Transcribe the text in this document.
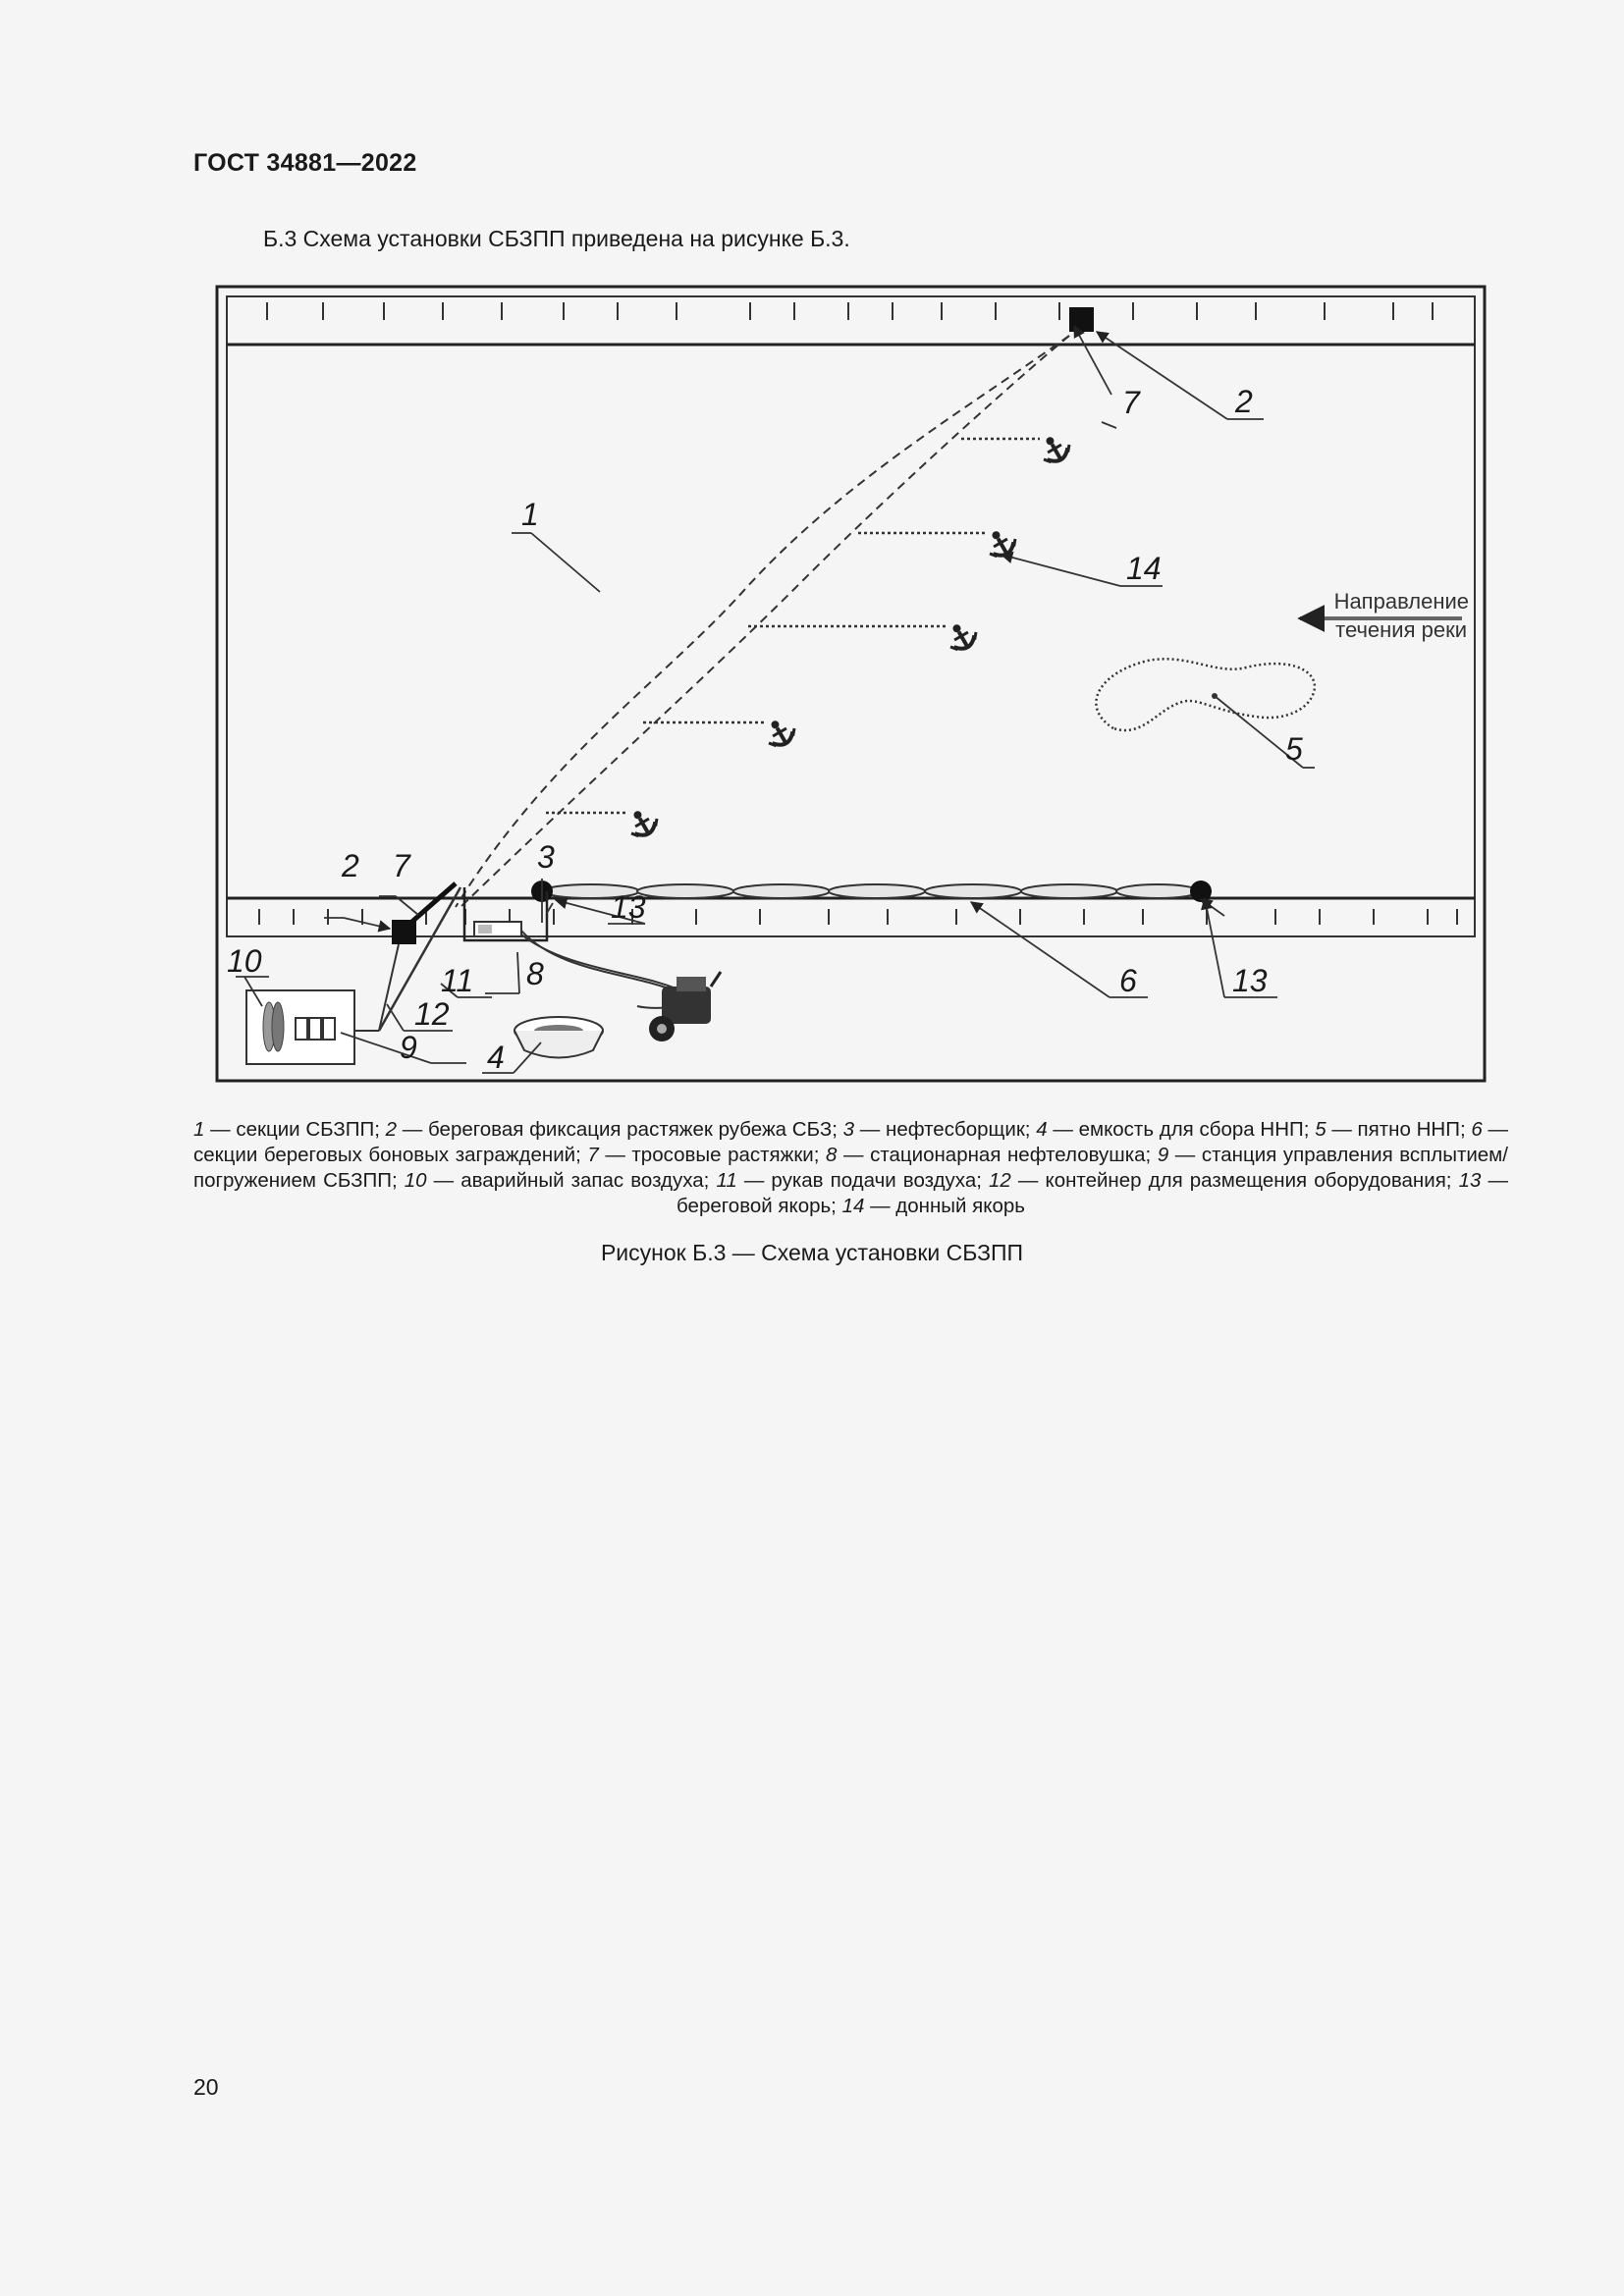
ГОСТ 34881—2022
Б.3 Схема установки СБЗПП приведена на рисунке Б.3.
Направление
течения реки
7	2
1
14
5
2 7	3
13
10
11 8
12
9 4
6	13
1 — секции СБЗПП; 2 — береговая фиксация растяжек рубежа СБЗ; 3 — нефтесборщик; 4 — емкость для сбора ННП; 5 — пятно ННП; 6 — секции береговых боновых заграждений; 7 — тросовые растяжки; 8 — стационарная нефтеловушка; 9 — станция управления всплытием/погружением СБЗПП; 10 — аварийный запас воздуха; 11 — рукав подачи воздуха; 12 — контейнер для размещения оборудования; 13 — береговой якорь; 14 — донный якорь
Рисунок Б.3 — Схема установки СБЗПП
20
